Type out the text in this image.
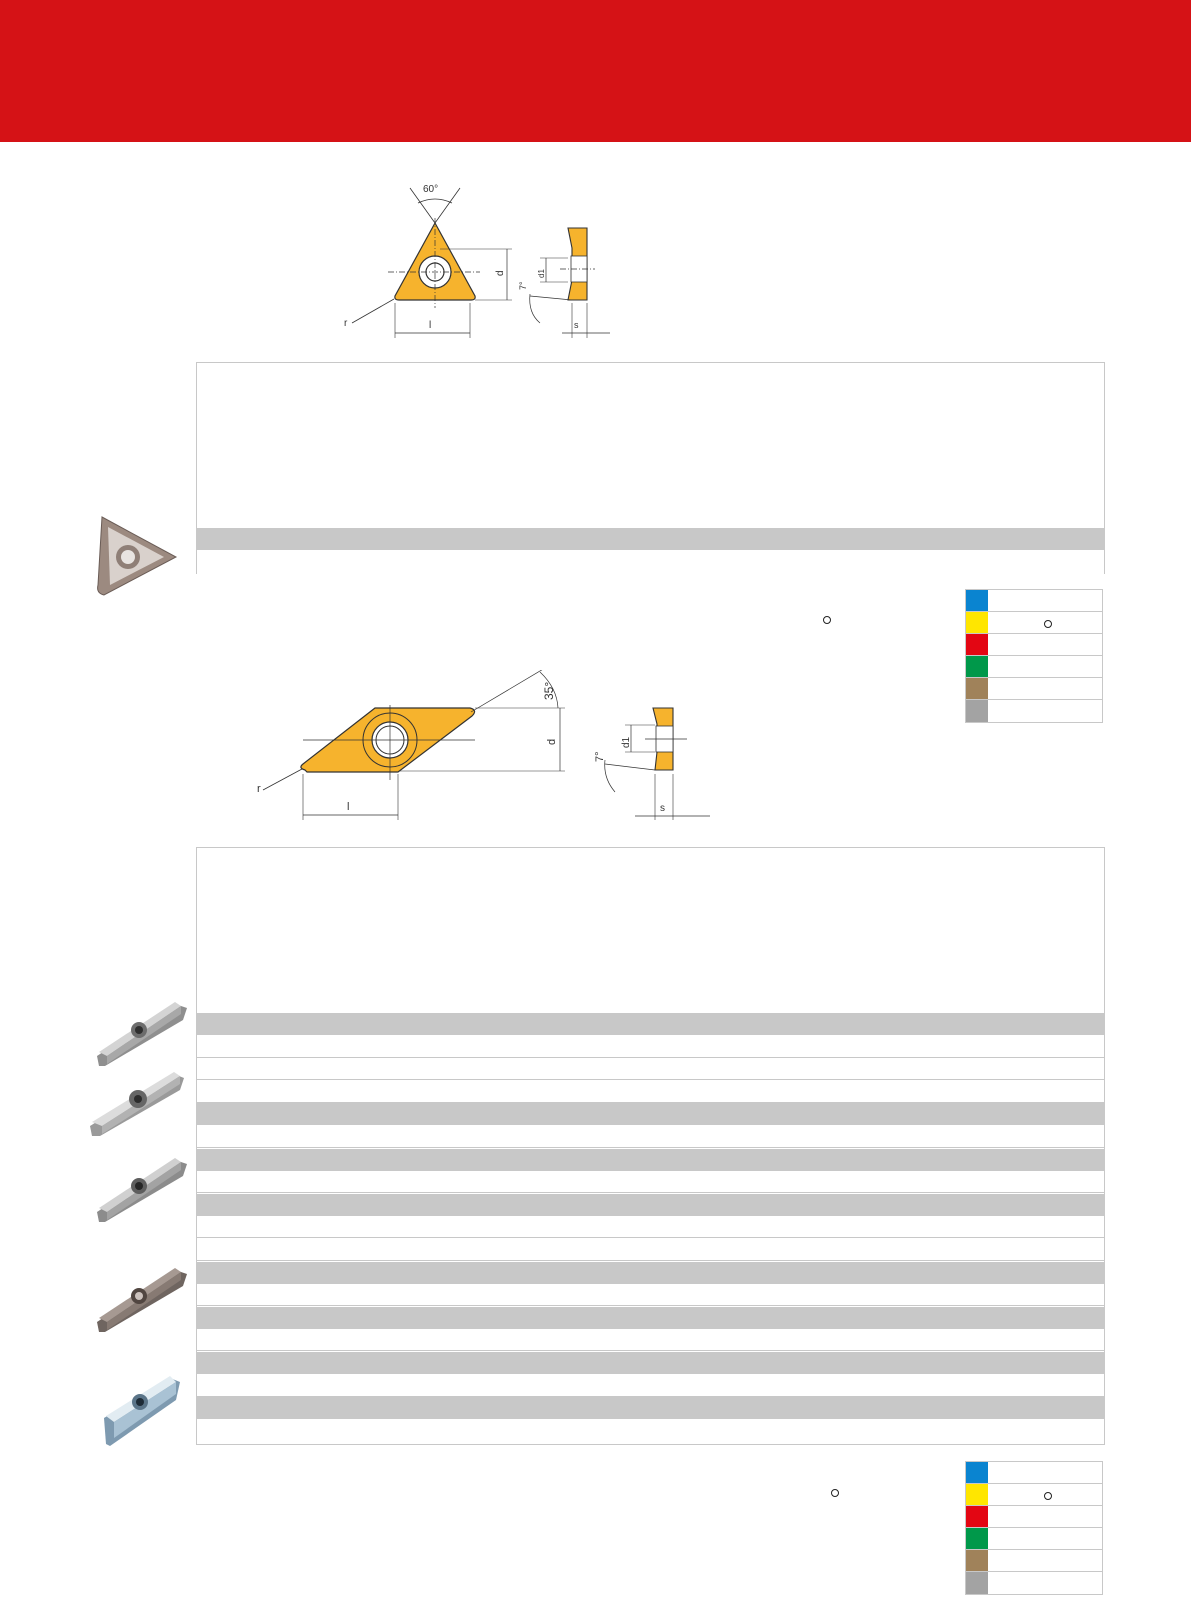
60°
d
l
r
d1
7°
s
35°
d
l
r
d1
7°
s
